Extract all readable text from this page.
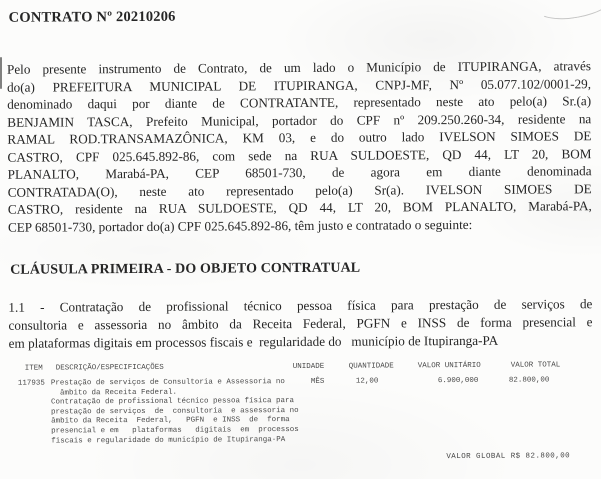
CONTRATO Nº 20210206
Pelo presente instrumento de Contrato, de um lado o Município de ITUPIRANGA, através
do(a) PREFEITURA MUNICIPAL DE ITUPIRANGA, CNPJ-MF, Nº 05.077.102/0001-29,
denominado daqui por diante de CONTRATANTE, representado neste ato pelo(a) Sr.(a)
BENJAMIN TASCA, Prefeito Municipal, portador do CPF nº 209.250.260-34, residente na
RAMAL ROD.TRANSAMAZÔNICA, KM 03, e do outro lado IVELSON SIMOES DE
CASTRO, CPF 025.645.892-86, com sede na RUA SULDOESTE, QD 44, LT 20, BOM
PLANALTO, Marabá-PA, CEP 68501-730, de agora em diante denominada
CONTRATADA(O), neste ato representado pelo(a) Sr(a). IVELSON SIMOES DE
CASTRO, residente na RUA SULDOESTE, QD 44, LT 20, BOM PLANALTO, Marabá-PA,
CEP 68501-730, portador do(a) CPF 025.645.892-86, têm justo e contratado o seguinte:
CLÁUSULA PRIMEIRA - DO OBJETO CONTRATUAL
1.1 - Contratação de profissional técnico pessoa física para prestação de serviços de
consultoria e assessoria no âmbito da Receita Federal, PGFN e INSS de forma presencial e
em plataformas digitais em processos fiscais e  regularidade do   município de Itupiranga-PA
ITEM DESCRIÇÃO/ESPECIFICAÇÕES	UNIDADE	QUANTIDADE	VALOR UNITÁRIO	VALOR TOTAL
117935 Prestação de serviços de Consultoria e Assessoria no
âmbito da Receita Federal.
Contratação de profissional técnico pessoa física para
prestação de serviços  de  consultoria  e assessoria no
âmbito da Receita  Federal,   PGFN  e INSS  de  forma
presencial e em   plataformas   digitais  em  processos
fiscais e regularidade do município de Itupiranga-PA
MÊS	12,00	6.900,000	82.800,00
VALOR GLOBAL R$ 82.800,00
